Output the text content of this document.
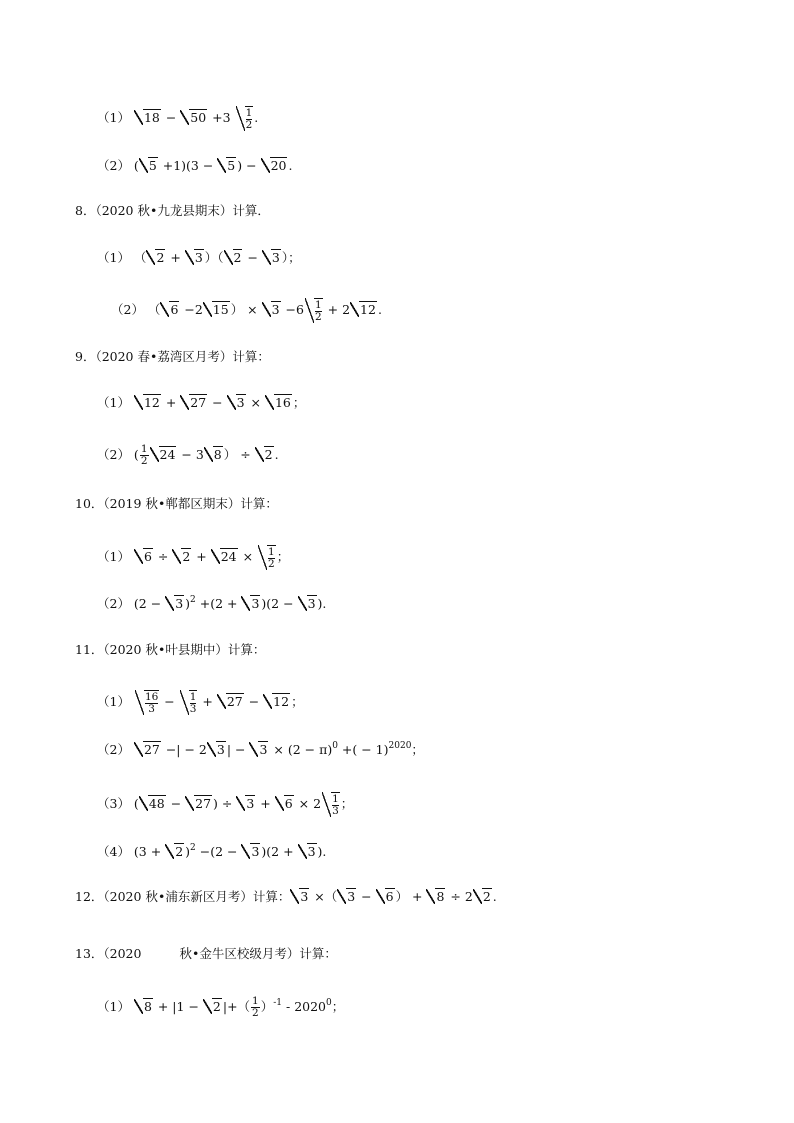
（1） 18 − 50 +3 1
2 .
（2） ( 5 +1)(3 − 5 ) − 20 .
8．（2020 秋•九龙县期末）计算．
（1） （ 2 + 3 ）（ 2 − 3 ）；
（2） （ 6 −2 15 ） × 3 −6 1
2 + 2 12 .
9．（2020 春•荔湾区月考）计算：
（1） 12 + 27 − 3 × 16 ；
（2） ( $\frac{1}{2} 24 - 3$ 8 ） ÷ 2 .
10．（2019 秋•郸都区期末）计算：
（1） 6 ÷ 2 + 24 × 1
2 ；
（2） (2 − 3 )$^2$ +(2 + 3 )(2 − 3 ).
11．（2020 秋•叶县期中）计算：
（1） 16
3 − 1
3 + 27 − 12 ；
（2） 27 −| − 2 3 | − $3 \times (2 - \pi)^0$ +( − 1)$^{2020}$；
（3） ( 48 − 27 ) ÷ 3 + 6 × 2 1
3 ；
（4） (3 + 2 )$^2$ −(2 − 3 )(2 + 3 ).
12．（2020 秋•浦东新区月考）计算： 3 ×（ 3 − 6 ） + 8 ÷ 2 2 .
13．（2020	秋•金牛区校级月考）计算：
（1） 8 + |1 − 2 |+（ $\frac{1}{2} )^{-1} - 2020^0$；
